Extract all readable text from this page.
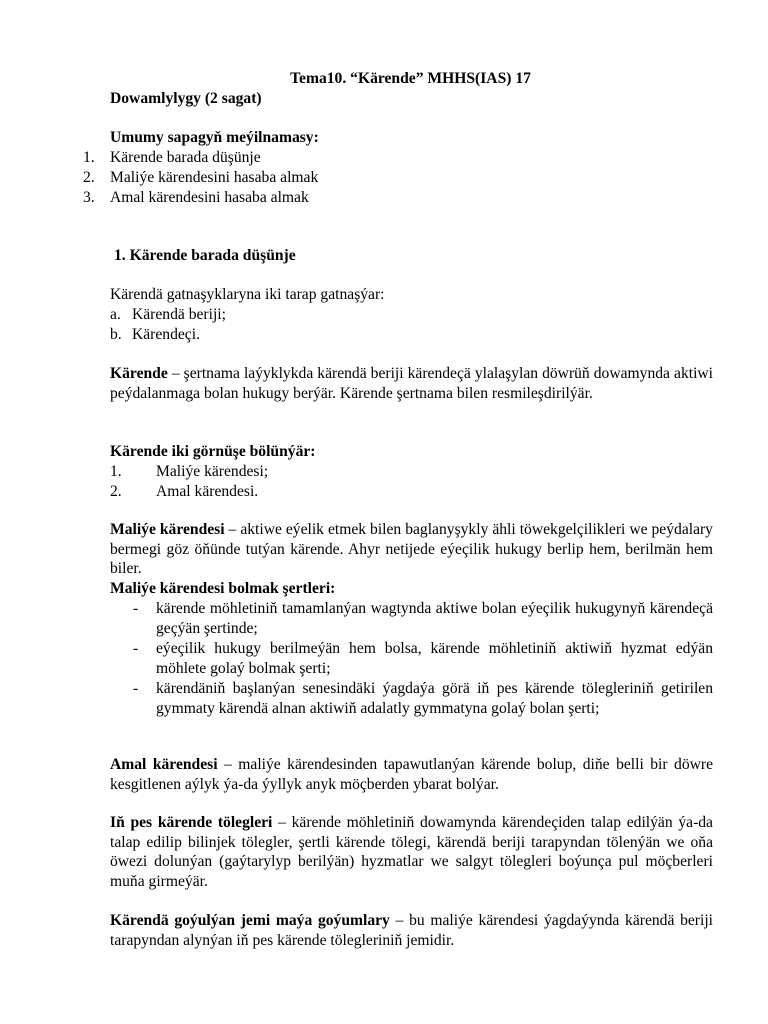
Tema10. “Kärende” MHHS(IAS) 17
Dowamlylygy (2 sagat)
Umumy sapagyň meýilnamasy:
1. Kärende barada düşünje
2. Maliýe kärendesini hasaba almak
3. Amal kärendesini hasaba almak
1. Kärende barada düşünje
Kärendä gatnaşyklaryna iki tarap gatnaşýar:
a. Kärendä beriji;
b. Kärendeçi.

Kärende – şertnama laýyklykda kärendä beriji kärendeçä ylalaşylan döwrüň dowamynda aktiwi peýdalanmaga bolan hukugy berýär. Kärende şertnama bilen resmileşdirilýär.

Kärende iki görnüşe bölünýär:
1. Maliýe kärendesi;
2. Amal kärendesi.

Maliýe kärendesi – aktiwe eýelik etmek bilen baglanyşykly ähli töwekgelçilikleri we peýdalary bermegi göz öňünde tutýan kärende. Ahyr netijede eýeçilik hukugy berlip hem, berilmän hem biler.

Maliýe kärendesi bolmak şertleri:
- kärende möhletiniň tamamlanýan wagtynda aktiwe bolan eýeçilik hukugynyň kärendeçä geçýän şertinde;
- eýeçilik hukugy berilmeýän hem bolsa, kärende möhletiniň aktiwiň hyzmat edýän möhlete golaý bolmak şerti;
- kärendäniň başlanýan senesindäki ýagdaýa görä iň pes kärende tölegleriniň getirilen gymmaty kärendä alnan aktiwiň adalatly gymmatyna golaý bolan şerti;

Amal kärendesi – maliýe kärendesinden tapawutlanýan kärende bolup, diňe belli bir döwre kesgitlenen aýlyk ýa-da ýyllyk anyk möçberden ybarat bolýar.

Iň pes kärende tölegleri – kärende möhletiniň dowamynda kärendeçiden talap edilýän ýa-da talap edilip bilinjek tölegler, şertli kärende tölegi, kärendä beriji tarapyndan tölenýän we oňa öwezi dolunýan (gaýtarylyp berilýän) hyzmatlar we salgyt tölegleri boýunça pul möçberleri muňa girmeýär.

Kärendä goýulýan jemi maýa goýumlary – bu maliýe kärendesi ýagdaýynda kärendä beriji tarapyndan alynýan iň pes kärende tölegleriniň jemidir.
